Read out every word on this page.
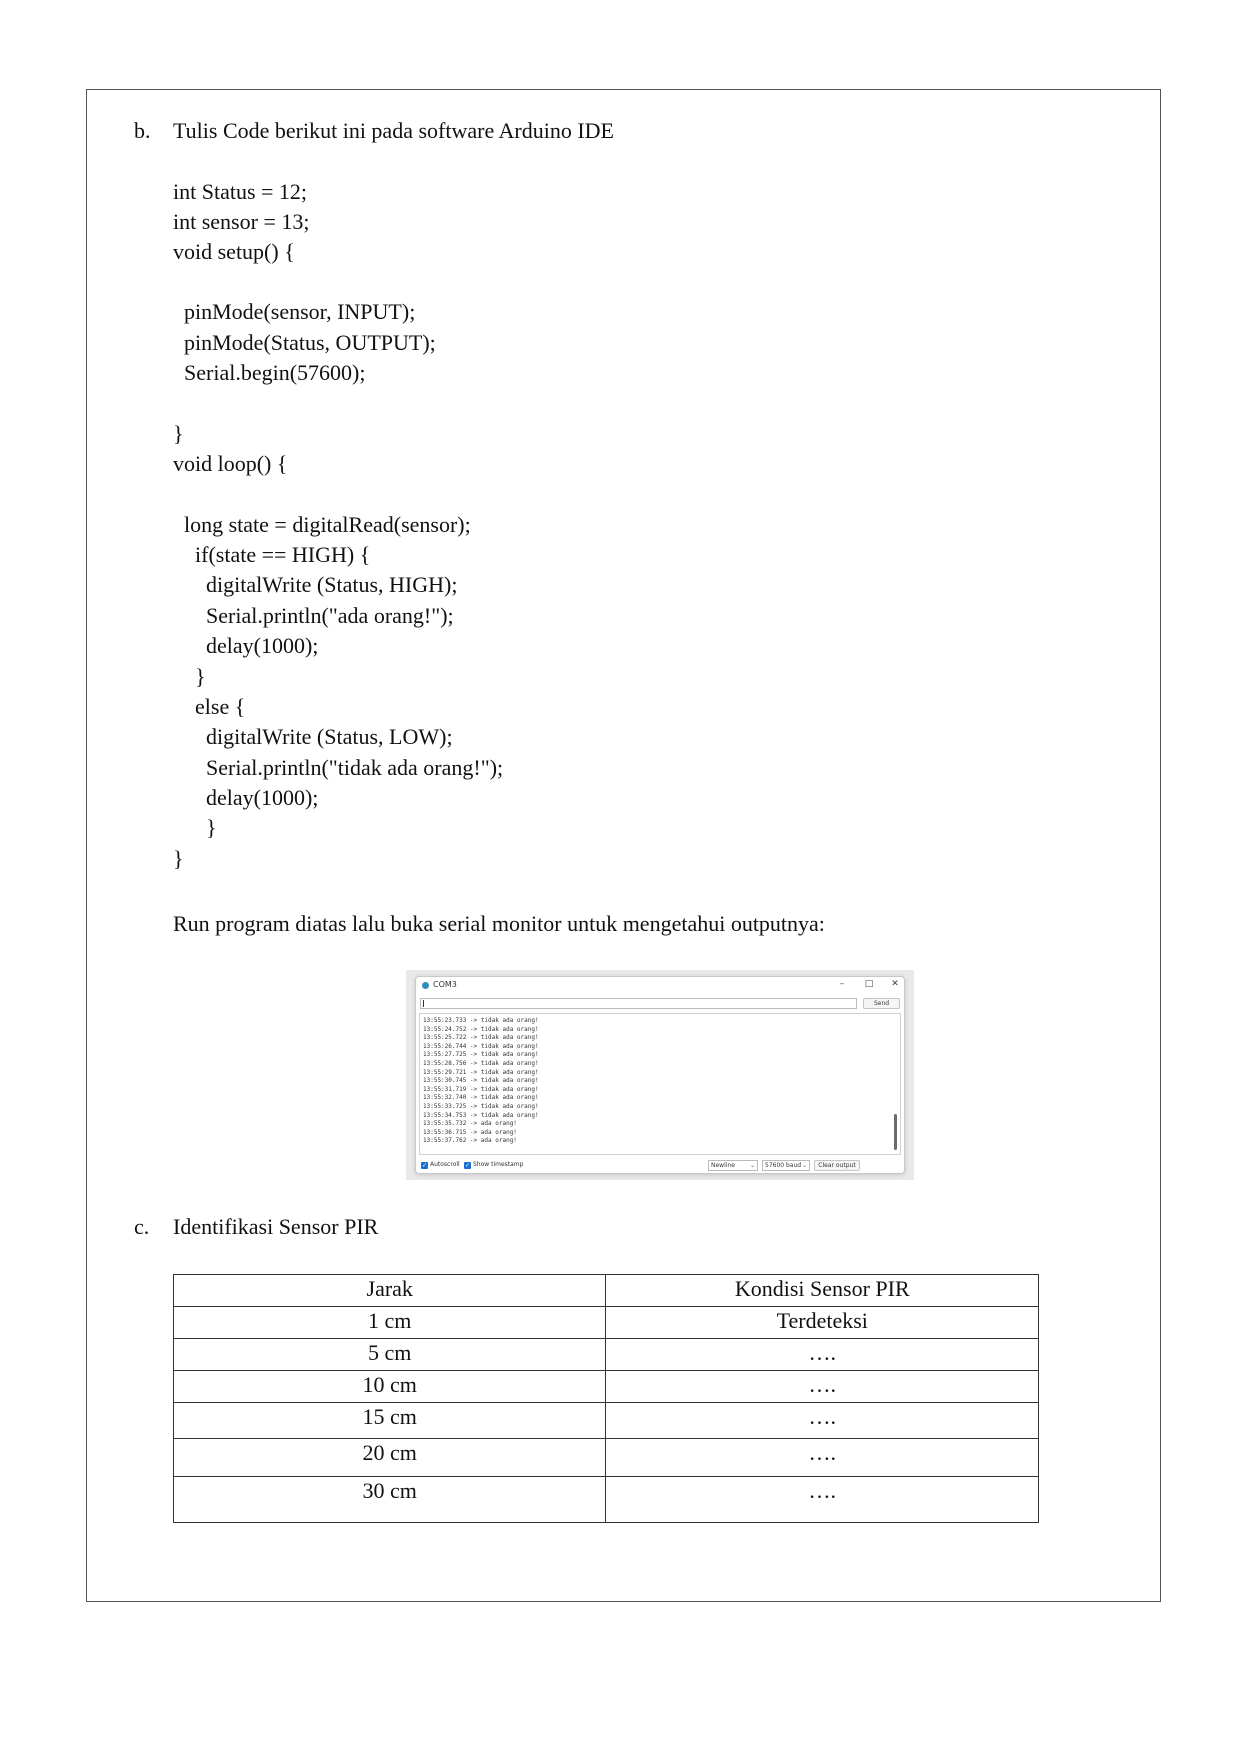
b. Tulis Code berikut ini pada software Arduino IDE
int Status = 12;
int sensor = 13;
void setup() {
pinMode(sensor, INPUT);
pinMode(Status, OUTPUT);
Serial.begin(57600);
}
void loop() {
long state = digitalRead(sensor);
if(state == HIGH) {
digitalWrite (Status, HIGH);
Serial.println("ada orang!");
delay(1000);
}
else {
digitalWrite (Status, LOW);
Serial.println("tidak ada orang!");
delay(1000);
}
}
Run program diatas lalu buka serial monitor untuk mengetahui outputnya:
COM3	–	□ ✕
Send
13:55:23.733 -> tidak ada orang!
13:55:24.752 -> tidak ada orang!
13:55:25.722 -> tidak ada orang!
13:55:26.744 -> tidak ada orang!
13:55:27.725 -> tidak ada orang!
13:55:28.756 -> tidak ada orang!
13:55:29.721 -> tidak ada orang!
13:55:30.745 -> tidak ada orang!
13:55:31.719 -> tidak ada orang!
13:55:32.740 -> tidak ada orang!
13:55:33.725 -> tidak ada orang!
13:55:34.753 -> tidak ada orang!
13:55:35.732 -> ada orang!
13:55:36.715 -> ada orang!
13:55:37.762 -> ada orang!
✓ Autoscroll ✓ Show timestamp	Newline	⌄	57600 baud ⌄	Clear output
c. Identifikasi Sensor PIR
Jarak	Kondisi Sensor PIR
1 cm	Terdeteksi
5 cm	….
10 cm	….
15 cm	….
20 cm	….
30 cm	….
